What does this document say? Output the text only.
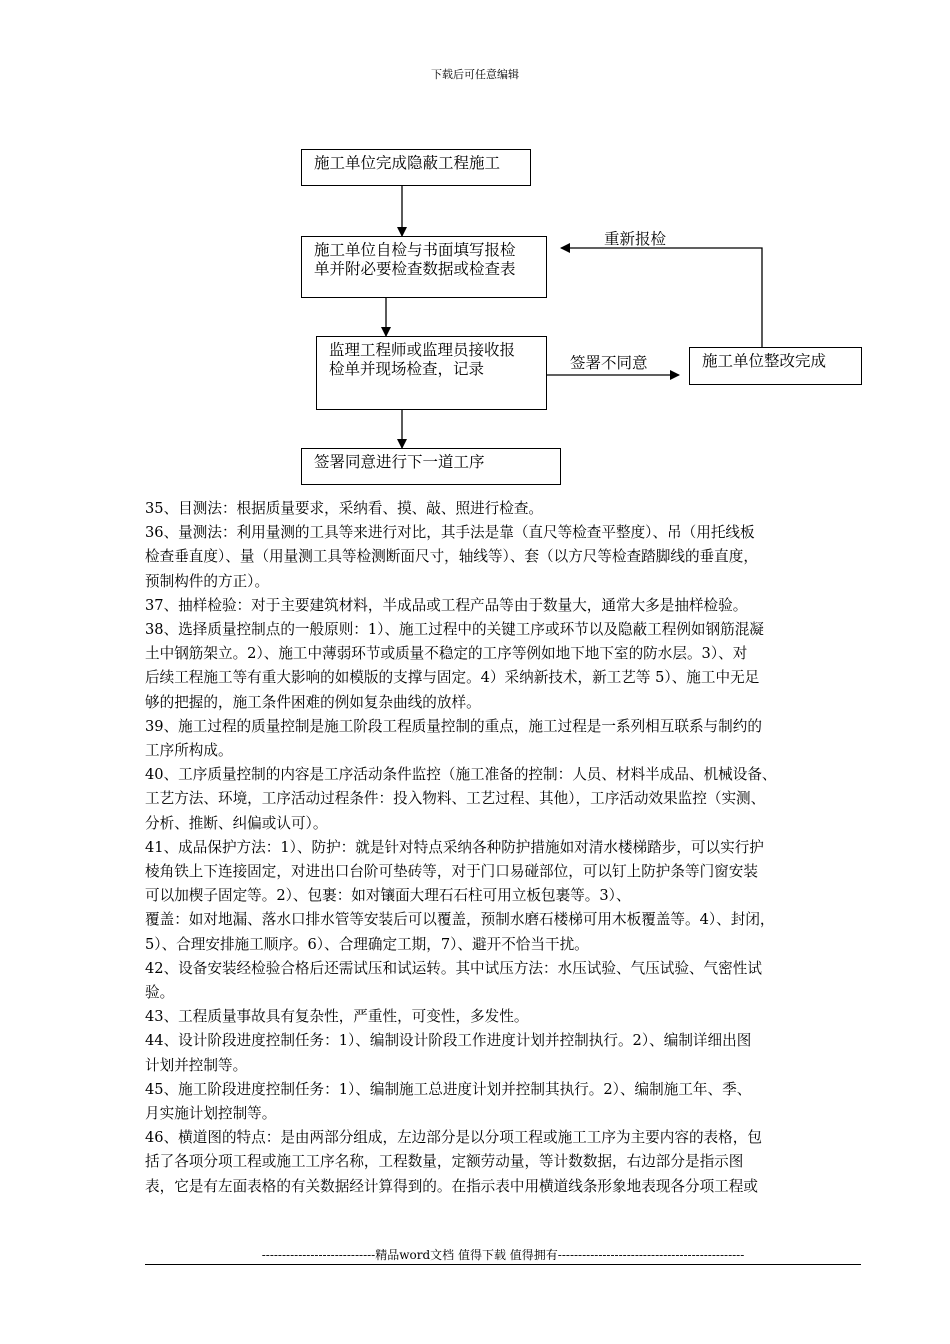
下载后可任意编辑
施工单位完成隐蔽工程施工
施工单位自检与书面填写报检
单并附必要检查数据或检查表
监理工程师或监理员接收报
检单并现场检查，记录
签署同意进行下一道工序
施工单位整改完成
签署不同意
重新报检

35、目测法：根据质量要求，采纳看、摸、敲、照进行检查。

36、量测法：利用量测的工具等来进行对比，其手法是靠（直尺等检查平整度）、吊（用托线板

检查垂直度）、量（用量测工具等检测断面尺寸，轴线等）、套（以方尺等检查踏脚线的垂直度，

预制构件的方正）。

37、抽样检验：对于主要建筑材料，半成品或工程产品等由于数量大，通常大多是抽样检验。

38、选择质量控制点的一般原则：1）、施工过程中的关键工序或环节以及隐蔽工程例如钢筋混凝

土中钢筋架立。2）、施工中薄弱环节或质量不稳定的工序等例如地下地下室的防水层。3）、对

后续工程施工等有重大影响的如模版的支撑与固定。4）采纳新技术，新工艺等 5）、施工中无足

够的把握的，施工条件困难的例如复杂曲线的放样。

39、施工过程的质量控制是施工阶段工程质量控制的重点，施工过程是一系列相互联系与制约的

工序所构成。

40、工序质量控制的内容是工序活动条件监控（施工准备的控制：人员、材料半成品、机械设备、

工艺方法、环境，工序活动过程条件：投入物料、工艺过程、其他），工序活动效果监控（实测、

分析、推断、纠偏或认可）。

41、成品保护方法：1）、防护：就是针对特点采纳各种防护措施如对清水楼梯踏步，可以实行护

棱角铁上下连接固定，对进出口台阶可垫砖等，对于门口易碰部位，可以钉上防护条等门窗安装

可以加楔子固定等。2）、包裹：如对镶面大理石石柱可用立板包裹等。3）、

覆盖：如对地漏、落水口排水管等安装后可以覆盖，预制水磨石楼梯可用木板覆盖等。4）、封闭，

5）、合理安排施工顺序。6）、合理确定工期，7）、避开不恰当干扰。

42、设备安装经检验合格后还需试压和试运转。其中试压方法：水压试验、气压试验、气密性试

验。

43、工程质量事故具有复杂性，严重性，可变性，多发性。

44、设计阶段进度控制任务：1）、编制设计阶段工作进度计划并控制执行。2）、编制详细出图

计划并控制等。

45、施工阶段进度控制任务：1）、编制施工总进度计划并控制其执行。2）、编制施工年、季、

月实施计划控制等。

46、横道图的特点：是由两部分组成，左边部分是以分项工程或施工工序为主要内容的表格，包

括了各项分项工程或施工工序名称，工程数量，定额劳动量，等计数数据，右边部分是指示图

表，它是有左面表格的有关数据经计算得到的。在指示表中用横道线条形象地表现各分项工程或

----------------------------精品word文档 值得下载 值得拥有----------------------------------------------
